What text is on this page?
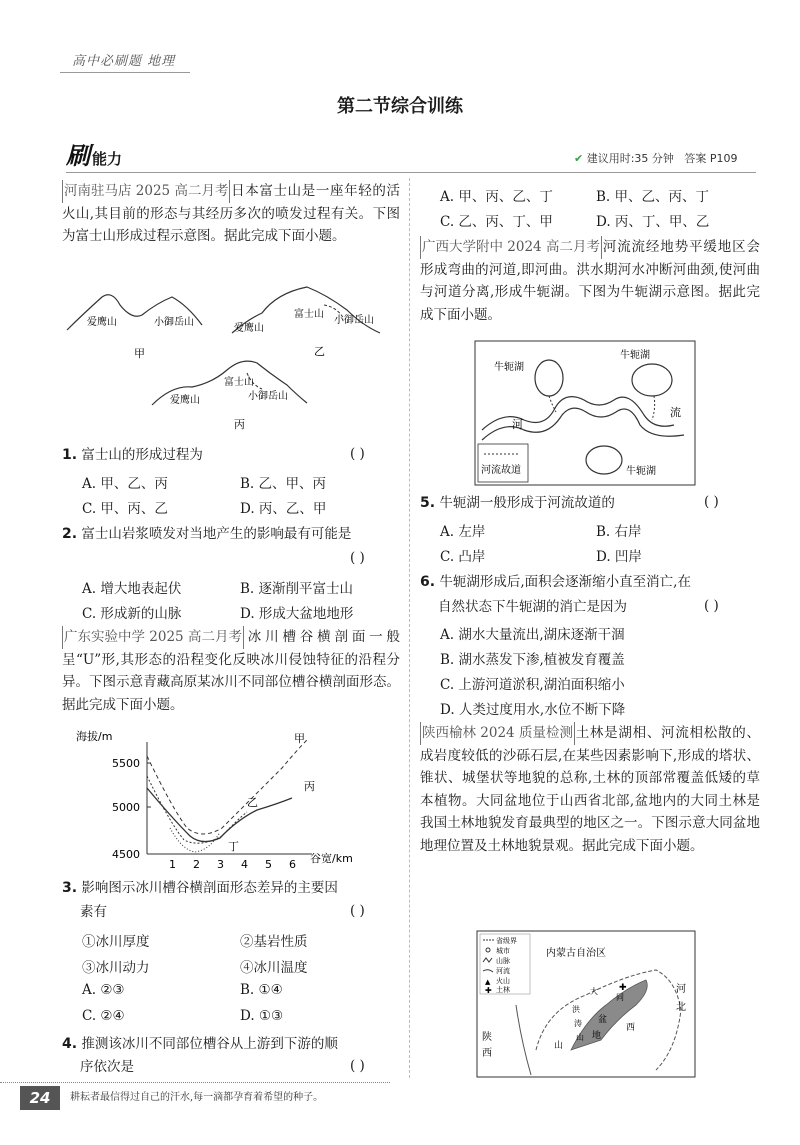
高中必刷题 地理
第二节综合训练
刷能力	✔ 建议用时:35 分钟 答案 P109

河南驻马店 2025 高二月考 日本富士山是一座年轻的活火山,其目前的形态与其经历多次的喷发过程有关。下图为富士山形成过程示意图。据此完成下面小题。

爱鹰山	小御岳山
甲
爱鹰山
富士山
小御岳山
乙
爱鹰山
富士山
小御岳山
丙
1. 富士山的形成过程为	( )
A. 甲、乙、丙	B. 乙、甲、丙
C. 甲、丙、乙	D. 丙、乙、甲
2. 富士山岩浆喷发对当地产生的影响最有可能是
( )
A. 增大地表起伏	B. 逐渐削平富士山
C. 形成新的山脉	D. 形成大盆地地形

广东实验中学 2025 高二月考 冰川槽谷横剖面一般呈“U”形,其形态的沿程变化反映冰川侵蚀特征的沿程分异。下图示意青藏高原某冰川不同部位槽谷横剖面形态。据此完成下面小题。

海拔/m
5500
5000
4500
1 2 3 4 5 6 谷宽/km
甲
丙
乙
丁
3. 影响图示冰川槽谷横剖面形态差异的主要因
素有	( )
①冰川厚度	②基岩性质
③冰川动力	④冰川温度
A. ②③	B. ①④
C. ②④	D. ①③
4. 推测该冰川不同部位槽谷从上游到下游的顺
序依次是	( )
A. 甲、丙、乙、丁	B. 甲、乙、丙、丁
C. 乙、丙、丁、甲	D. 丙、丁、甲、乙

广西大学附中 2024 高二月考 河流流经地势平缓地区会形成弯曲的河道,即河曲。洪水期河水冲断河曲颈,使河曲与河道分离,形成牛轭湖。下图为牛轭湖示意图。据此完成下面小题。

牛轭湖
牛轭湖
牛轭湖
河
流
河流故道
5. 牛轭湖一般形成于河流故道的	( )
A. 左岸	B. 右岸
C. 凸岸	D. 凹岸
6. 牛轭湖形成后,面积会逐渐缩小直至消亡,在
自然状态下牛轭湖的消亡是因为	( )
A. 湖水大量流出,湖床逐渐干涸
B. 湖水蒸发下渗,植被发育覆盖
C. 上游河道淤积,湖泊面积缩小
D. 人类过度用水,水位不断下降

陕西榆林 2024 质量检测 土林是湖相、河流相松散的、成岩度较低的沙砾石层,在某些因素影响下,形成的塔状、锥状、城堡状等地貌的总称,土林的顶部常覆盖低矮的草本植物。大同盆地位于山西省北部,盆地内的大同土林是我国土林地貌发育最典型的地区之一。下图示意大同盆地地理位置及土林地貌景观。据此完成下面小题。

省级界
城市
山脉
河流
火山
土林
▲
✚
内蒙古自治区
大
同
✚
盆
地
洪
涛
山
山
西
陕
西
河
北
24	耕耘者最信得过自己的汗水,每一滴都孕育着希望的种子。
